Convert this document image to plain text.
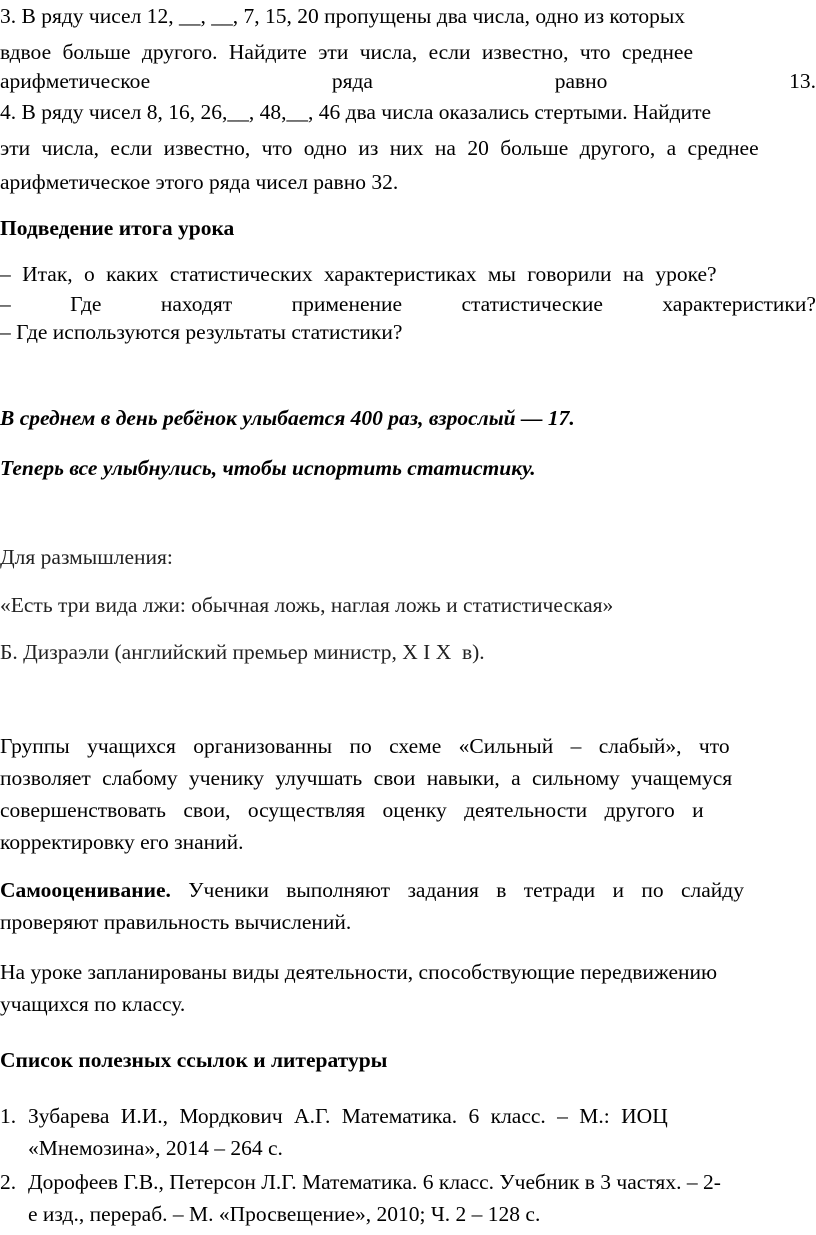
3. В ряду чисел 12, __, __, 7, 15, 20 пропущены два числа, одно из которых
вдвое больше другого. Найдите эти числа, если известно, что среднее
арифметическое	ряда	равно	13.
4. В ряду чисел 8, 16, 26,__, 48,__, 46 два числа оказались стертыми. Найдите
эти числа, если известно, что одно из них на 20 больше другого, а среднее
арифметическое этого ряда чисел равно 32.
Подведение итога урока
– Итак, о каких статистических характеристиках мы говорили на уроке?
–	Где	находят	применение	статистические	характеристики?
– Где используются результаты статистики?
В среднем в день ребёнок улыбается 400 раз, взрослый — 17.
Теперь все улыбнулись, чтобы испортить статистику.
Для размышления:
«Есть три вида лжи: обычная ложь, наглая ложь и статистическая»
Б. Дизраэли (английский премьер министр, X I X  в).
Группы учащихся организованны по схеме «Сильный – слабый», что
позволяет слабому ученику улучшать свои навыки, а сильному учащемуся
совершенствовать свои, осуществляя оценку деятельности другого и
корректировку его знаний.
Самооценивание. Ученики выполняют задания в тетради и по слайду
проверяют правильность вычислений.
На уроке запланированы виды деятельности, способствующие передвижению
учащихся по классу.
Список полезных ссылок и литературы
1. Зубарева И.И., Мордкович А.Г. Математика. 6 класс. – М.: ИОЦ
«Мнемозина», 2014 – 264 с.
2. Дорофеев Г.В., Петерсон Л.Г. Математика. 6 класс. Учебник в 3 частях. – 2-
е изд., перераб. – М. «Просвещение», 2010; Ч. 2 – 128 с.
